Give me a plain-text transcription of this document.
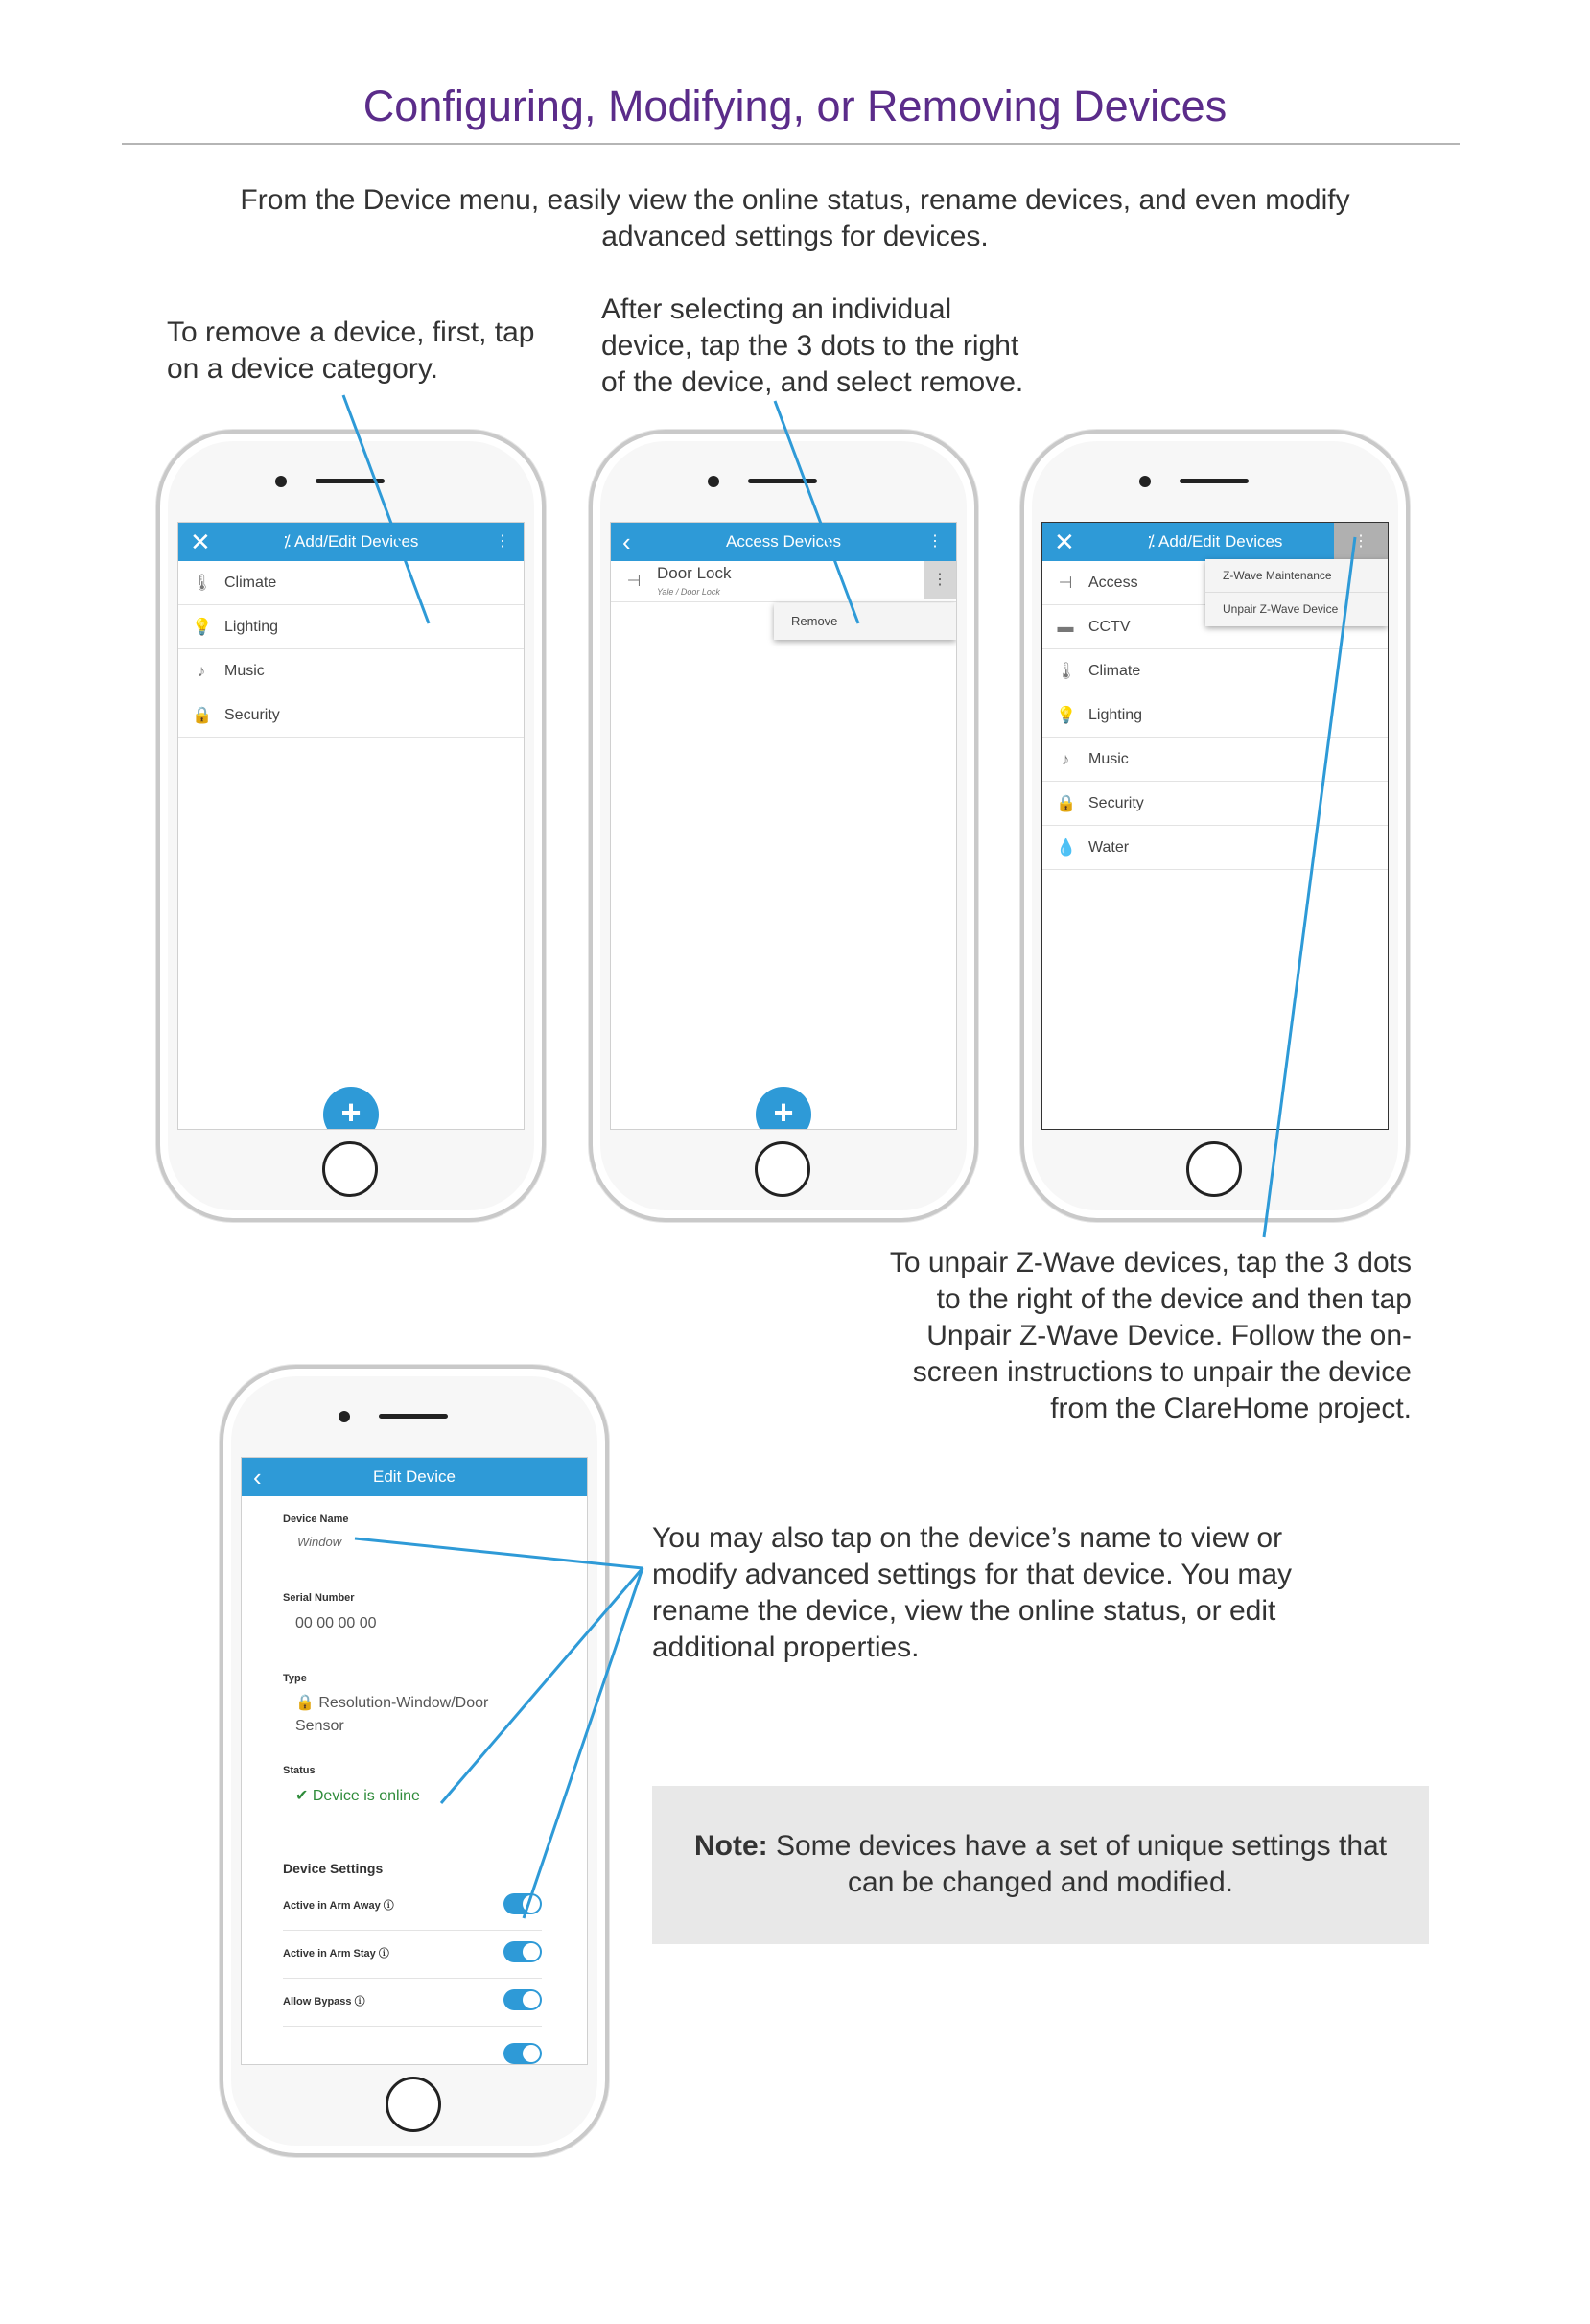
Configuring, Modifying, or Removing Devices
From the Device menu, easily view the online status, rename devices, and even modify advanced settings for devices.
To remove a device, first, tap on a device category.
After selecting an individual device, tap the 3 dots to the right of the device, and select remove.
To unpair Z-Wave devices, tap the 3 dots to the right of the device and then tap Unpair Z-Wave Device. Follow the on-screen instructions to unpair the device from the ClareHome project.
You may also tap on the device’s name to view or modify advanced settings for that device. You may rename the device, view the online status, or edit additional properties.
Note: Some devices have a set of unique settings that can be changed and modified.
✕	⁒ Add/Edit Devices	⋮
🌡 Climate
💡 Lighting
♪	Music
🔒 Security
+
‹	Access Devices	⋮
⊣ Door Lock
Yale / Door Lock
⋮
Remove
+
✕	⁒ Add/Edit Devices	⋮
⊣ Access
▬ CCTV
🌡 Climate
💡 Lighting
♪	Music
🔒 Security
💧 Water
Z-Wave Maintenance
Unpair Z-Wave Device
‹	Edit Device
Device Name
Window
Serial Number
00 00 00 00
Type
🔒 Resolution-Window/Door Sensor
Status
✔ Device is online
Device Settings
Active in Arm Away ⓘ
Active in Arm Stay ⓘ
Allow Bypass ⓘ
